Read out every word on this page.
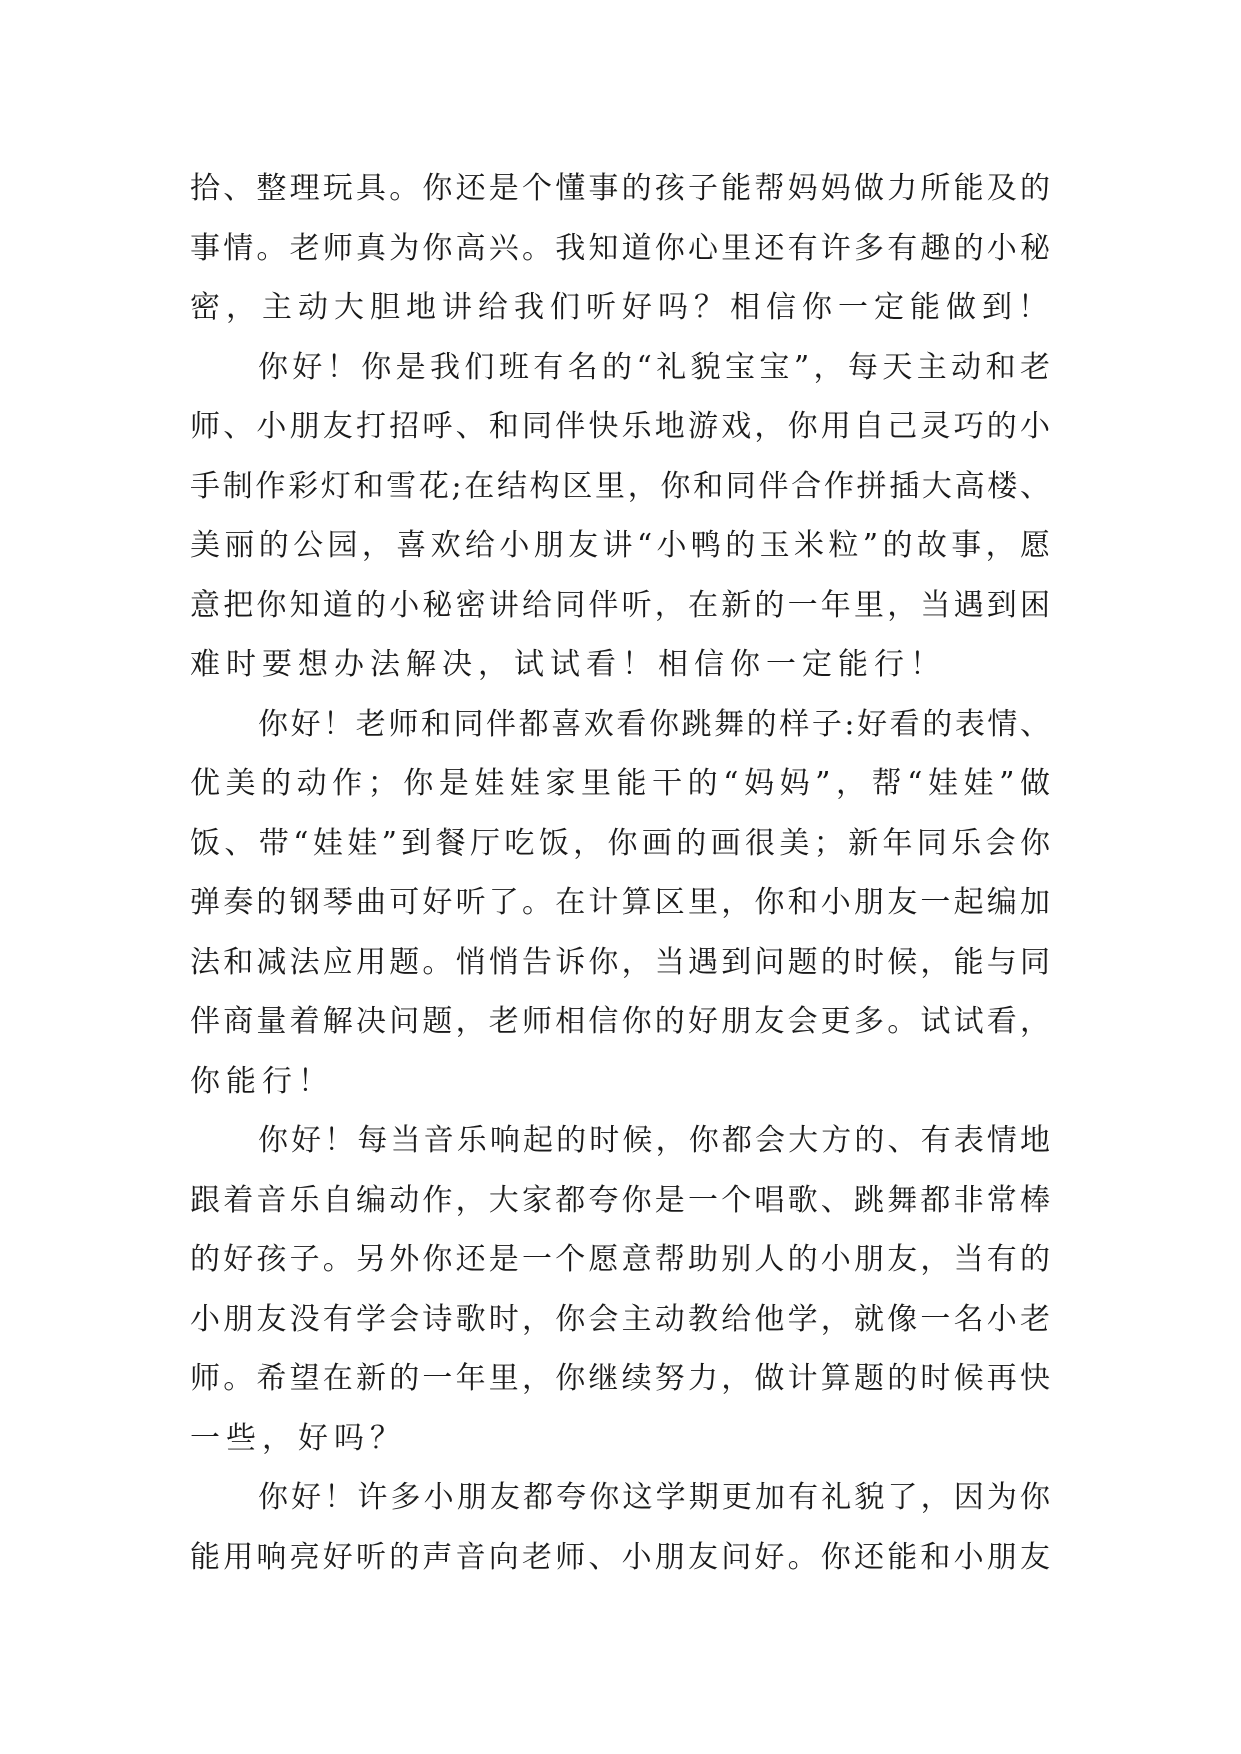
拾、整理玩具。你还是个懂事的孩子能帮妈妈做力所能及的
事情。老师真为你高兴。我知道你心里还有许多有趣的小秘
密，主动大胆地讲给我们听好吗？相信你一定能做到！
你好！你是我们班有名的“礼貌宝宝”，每天主动和老
师、小朋友打招呼、和同伴快乐地游戏，你用自己灵巧的小
手制作彩灯和雪花;在结构区里，你和同伴合作拼插大高楼、
美丽的公园，喜欢给小朋友讲“小鸭的玉米粒”的故事，愿
意把你知道的小秘密讲给同伴听，在新的一年里，当遇到困
难时要想办法解决，试试看！相信你一定能行！
你好！老师和同伴都喜欢看你跳舞的样子:好看的表情、
优美的动作；你是娃娃家里能干的“妈妈”，帮“娃娃”做
饭、带“娃娃”到餐厅吃饭，你画的画很美；新年同乐会你
弹奏的钢琴曲可好听了。在计算区里，你和小朋友一起编加
法和减法应用题。悄悄告诉你，当遇到问题的时候，能与同
伴商量着解决问题，老师相信你的好朋友会更多。试试看，
你能行！
你好！每当音乐响起的时候，你都会大方的、有表情地
跟着音乐自编动作，大家都夸你是一个唱歌、跳舞都非常棒
的好孩子。另外你还是一个愿意帮助别人的小朋友，当有的
小朋友没有学会诗歌时，你会主动教给他学，就像一名小老
师。希望在新的一年里，你继续努力，做计算题的时候再快
一些，好吗？
你好！许多小朋友都夸你这学期更加有礼貌了，因为你
能用响亮好听的声音向老师、小朋友问好。你还能和小朋友
